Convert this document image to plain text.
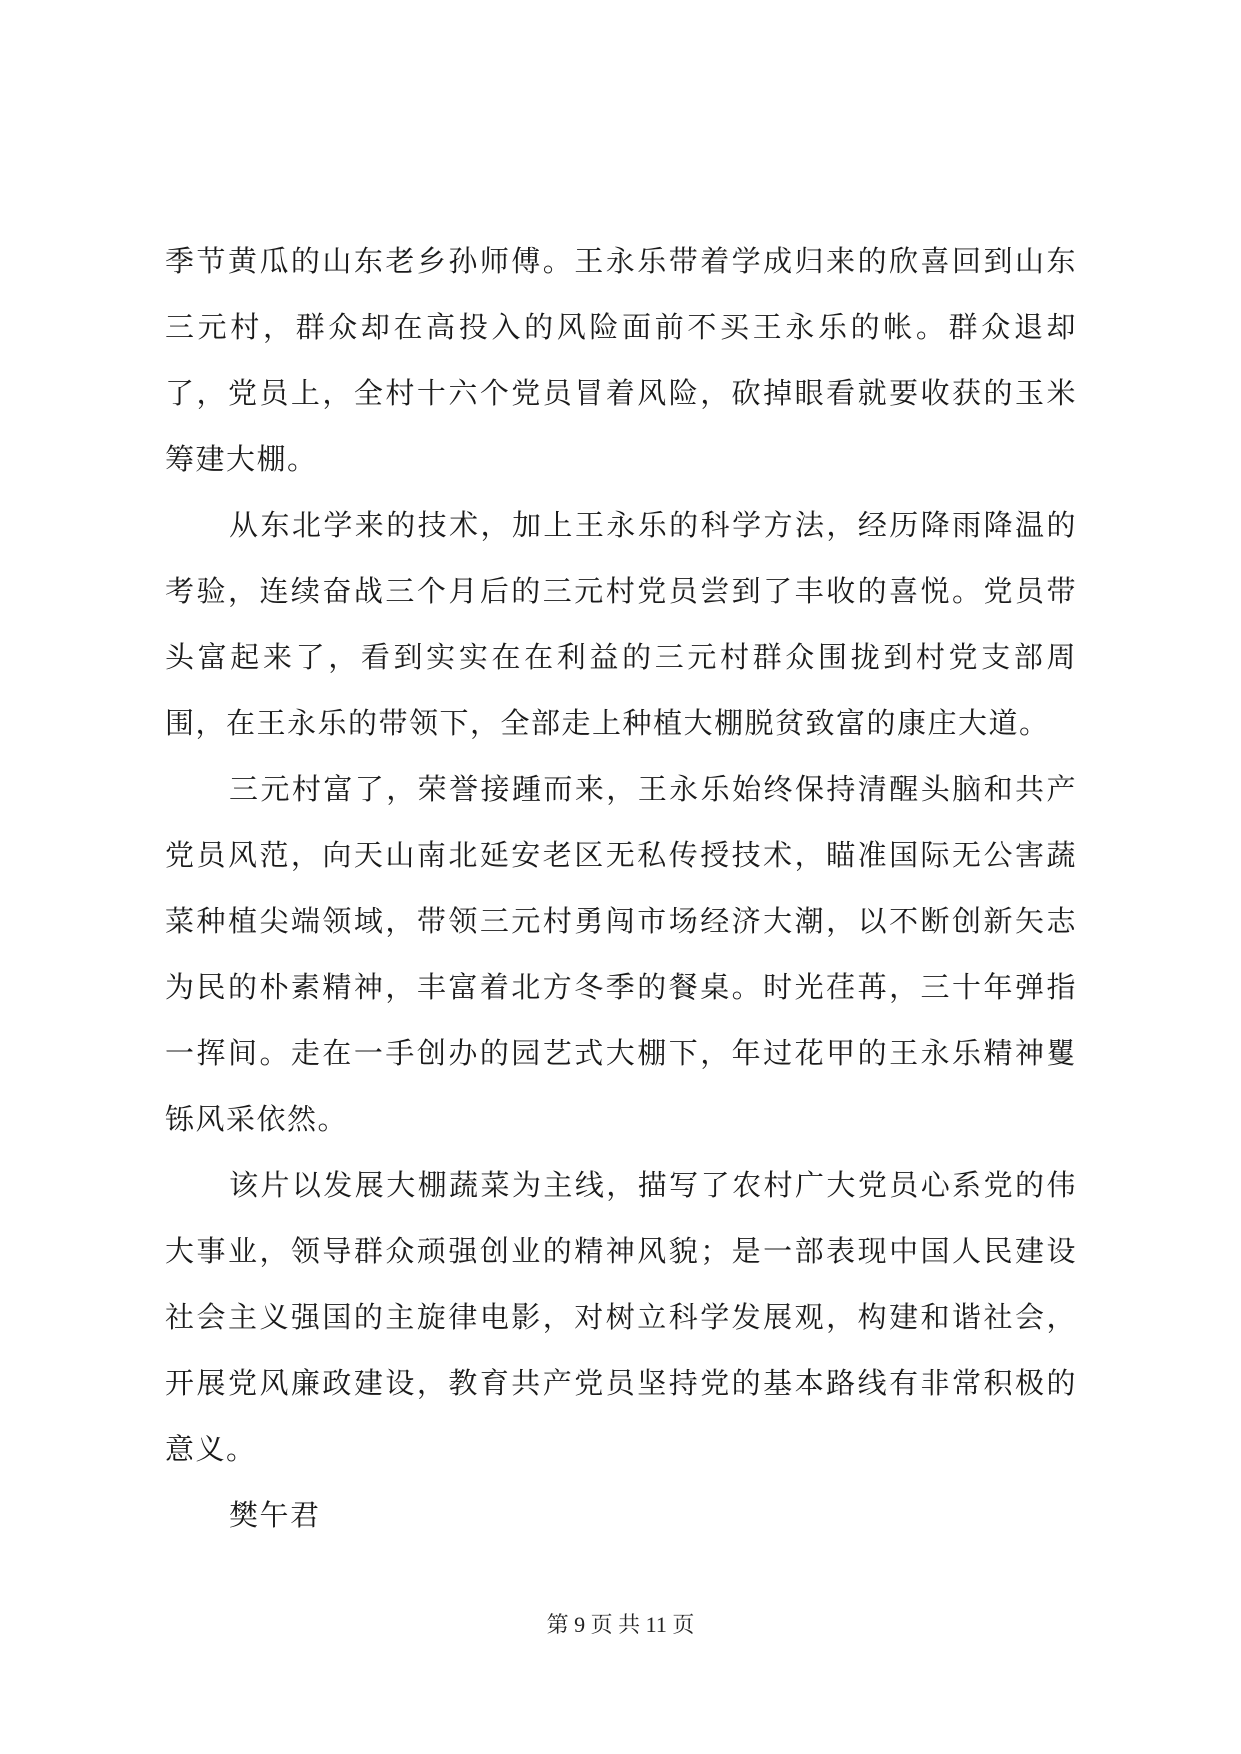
季节黄瓜的山东老乡孙师傅。王永乐带着学成归来的欣喜回到山东三元村，群众却在高投入的风险面前不买王永乐的帐。群众退却了，党员上，全村十六个党员冒着风险，砍掉眼看就要收获的玉米筹建大棚。

从东北学来的技术，加上王永乐的科学方法，经历降雨降温的考验，连续奋战三个月后的三元村党员尝到了丰收的喜悦。党员带头富起来了，看到实实在在利益的三元村群众围拢到村党支部周围，在王永乐的带领下，全部走上种植大棚脱贫致富的康庄大道。

三元村富了，荣誉接踵而来，王永乐始终保持清醒头脑和共产党员风范，向天山南北延安老区无私传授技术，瞄准国际无公害蔬菜种植尖端领域，带领三元村勇闯市场经济大潮，以不断创新矢志为民的朴素精神，丰富着北方冬季的餐桌。时光荏苒，三十年弹指一挥间。走在一手创办的园艺式大棚下，年过花甲的王永乐精神矍铄风采依然。

该片以发展大棚蔬菜为主线，描写了农村广大党员心系党的伟大事业，领导群众顽强创业的精神风貌；是一部表现中国人民建设社会主义强国的主旋律电影，对树立科学发展观，构建和谐社会，开展党风廉政建设，教育共产党员坚持党的基本路线有非常积极的意义。

樊午君

第 9 页 共 11 页
